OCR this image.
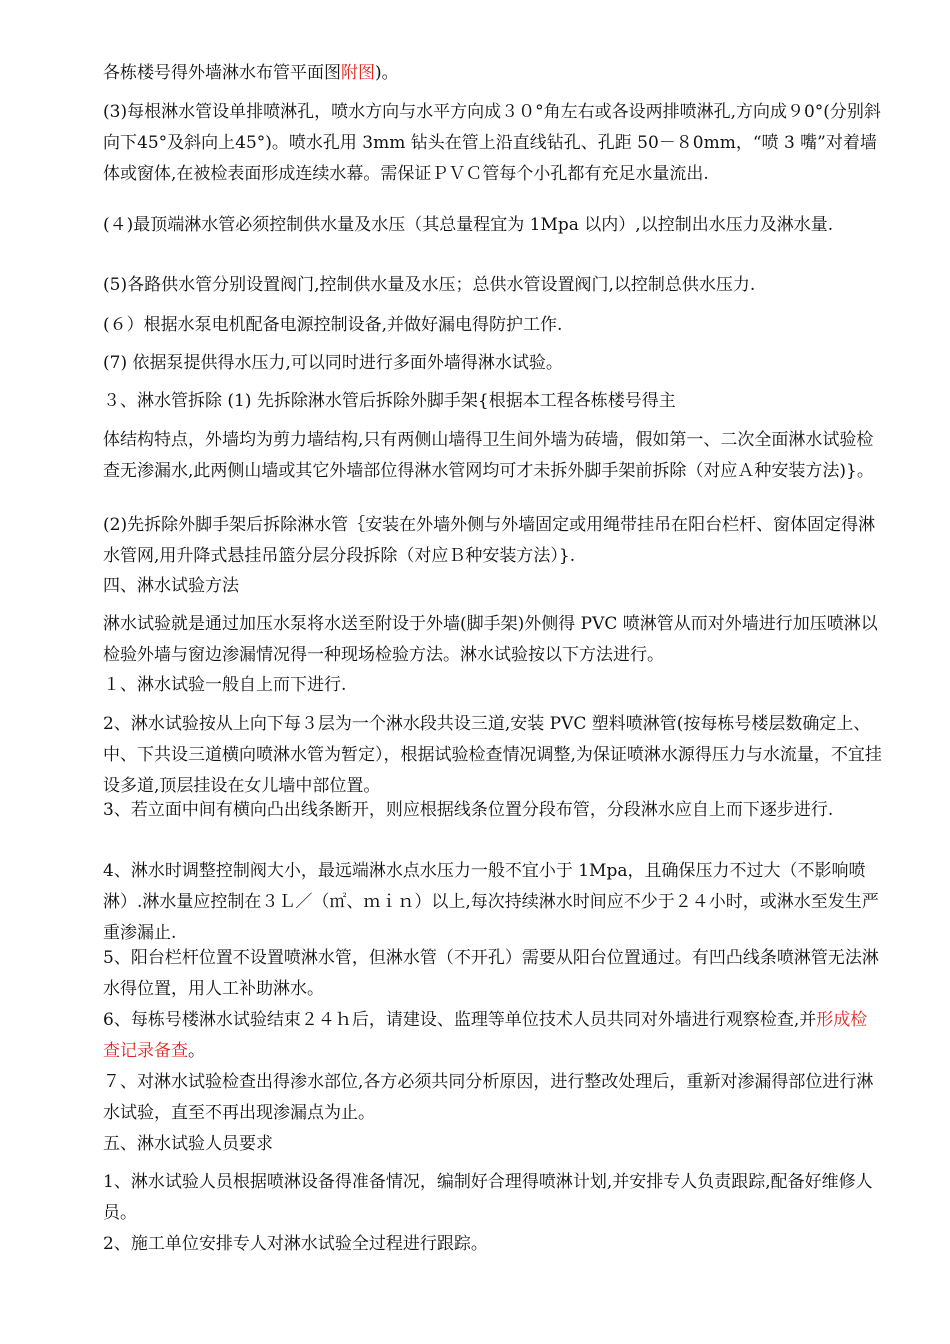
各栋楼号得外墙淋水布管平面图附图)。

(3)每根淋水管设单排喷淋孔，喷水方向与水平方向成３０°角左右或各设两排喷淋孔,方向成９0°(分别斜向下45°及斜向上45°)。喷水孔用 3mm 钻头在管上沿直线钻孔、孔距 50－８0mm，“喷 3 嘴”对着墙体或窗体,在被检表面形成连续水幕。需保证ＰＶＣ管每个小孔都有充足水量流出.

(４)最顶端淋水管必须控制供水量及水压（其总量程宜为 1Mpa 以内）,以控制出水压力及淋水量.

(5)各路供水管分别设置阀门,控制供水量及水压；总供水管设置阀门,以控制总供水压力.

(６）根据水泵电机配备电源控制设备,并做好漏电得防护工作.

(7) 依据泵提供得水压力,可以同时进行多面外墙得淋水试验。

３、淋水管拆除 (1) 先拆除淋水管后拆除外脚手架{根据本工程各栋楼号得主

体结构特点，外墙均为剪力墙结构,只有两侧山墙得卫生间外墙为砖墙，假如第一、二次全面淋水试验检查无渗漏水,此两侧山墙或其它外墙部位得淋水管网均可才未拆外脚手架前拆除（对应Ａ种安装方法)}。

(2)先拆除外脚手架后拆除淋水管｛安装在外墙外侧与外墙固定或用绳带挂吊在阳台栏杆、窗体固定得淋水管网,用升降式悬挂吊篮分层分段拆除（对应Ｂ种安装方法）}.

四、淋水试验方法

淋水试验就是通过加压水泵将水送至附设于外墙(脚手架)外侧得 PVC 喷淋管从而对外墙进行加压喷淋以检验外墙与窗边渗漏情况得一种现场检验方法。淋水试验按以下方法进行。

１、淋水试验一般自上而下进行.

2、淋水试验按从上向下每３层为一个淋水段共设三道,安装 PVC 塑料喷淋管(按每栋号楼层数确定上、中、下共设三道横向喷淋水管为暂定），根据试验检查情况调整,为保证喷淋水源得压力与水流量，不宜挂设多道,顶层挂设在女儿墙中部位置。

3、若立面中间有横向凸出线条断开，则应根据线条位置分段布管，分段淋水应自上而下逐步进行.

4、淋水时调整控制阀大小，最远端淋水点水压力一般不宜小于 1Mpa，且确保压力不过大（不影响喷淋）.淋水量应控制在３Ｌ／（㎡、ｍｉｎ）以上,每次持续淋水时间应不少于２４小时，或淋水至发生严重渗漏止.

5、阳台栏杆位置不设置喷淋水管，但淋水管（不开孔）需要从阳台位置通过。有凹凸线条喷淋管无法淋水得位置，用人工补助淋水。

6、每栋号楼淋水试验结束２４ｈ后，请建设、监理等单位技术人员共同对外墙进行观察检查,并形成检查记录备查。

７、对淋水试验检查出得渗水部位,各方必须共同分析原因，进行整改处理后，重新对渗漏得部位进行淋水试验，直至不再出现渗漏点为止。

五、淋水试验人员要求

1、淋水试验人员根据喷淋设备得准备情况，编制好合理得喷淋计划,并安排专人负责跟踪,配备好维修人员。

2、施工单位安排专人对淋水试验全过程进行跟踪。
